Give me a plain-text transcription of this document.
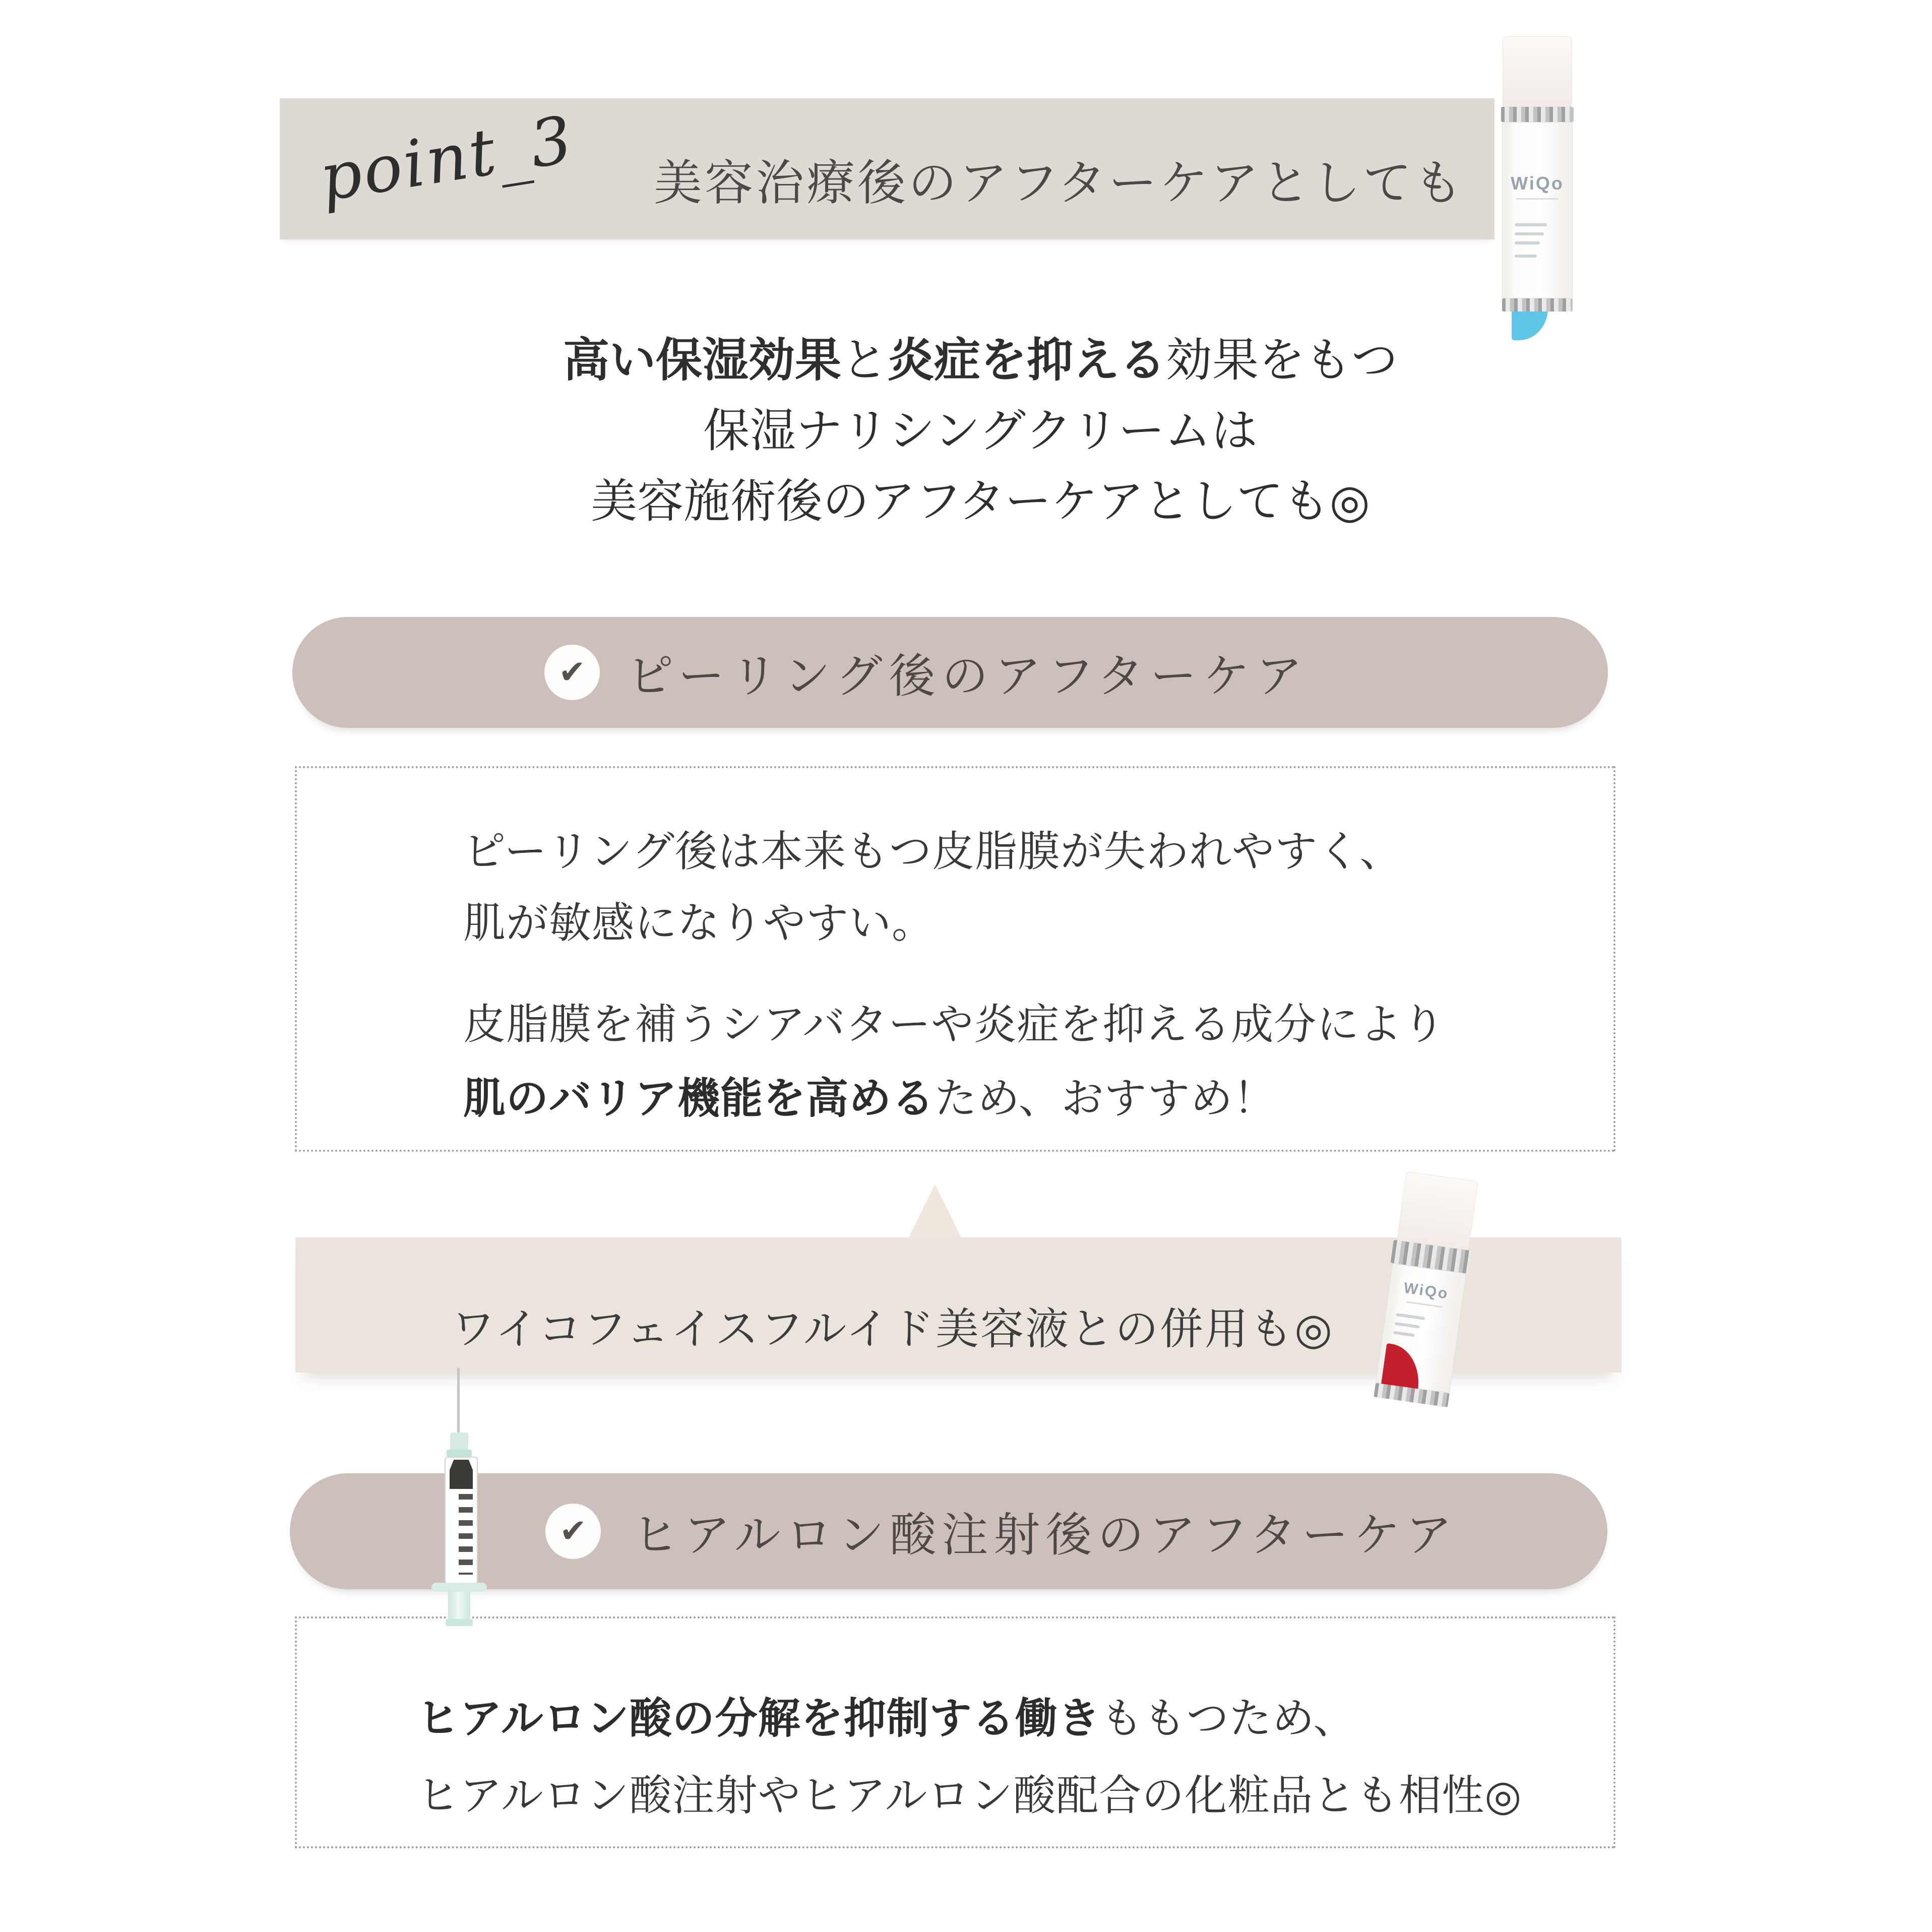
point_3 美容治療後のアフターケアとしても	WiQo
高い保湿効果と炎症を抑える効果をもつ
保湿ナリシングクリームは
美容施術後のアフターケアとしても◎
✔ ピーリング後のアフターケア
ピーリング後は本来もつ皮脂膜が失われやすく、
肌が敏感になりやすい。
皮脂膜を補うシアバターや炎症を抑える成分により
肌のバリア機能を高めるため、おすすめ！
ワイコフェイスフルイド美容液との併用も◎
WiQo
✔ ヒアルロン酸注射後のアフターケア
ヒアルロン酸の分解を抑制する働きももつため、
ヒアルロン酸注射やヒアルロン酸配合の化粧品とも相性◎
